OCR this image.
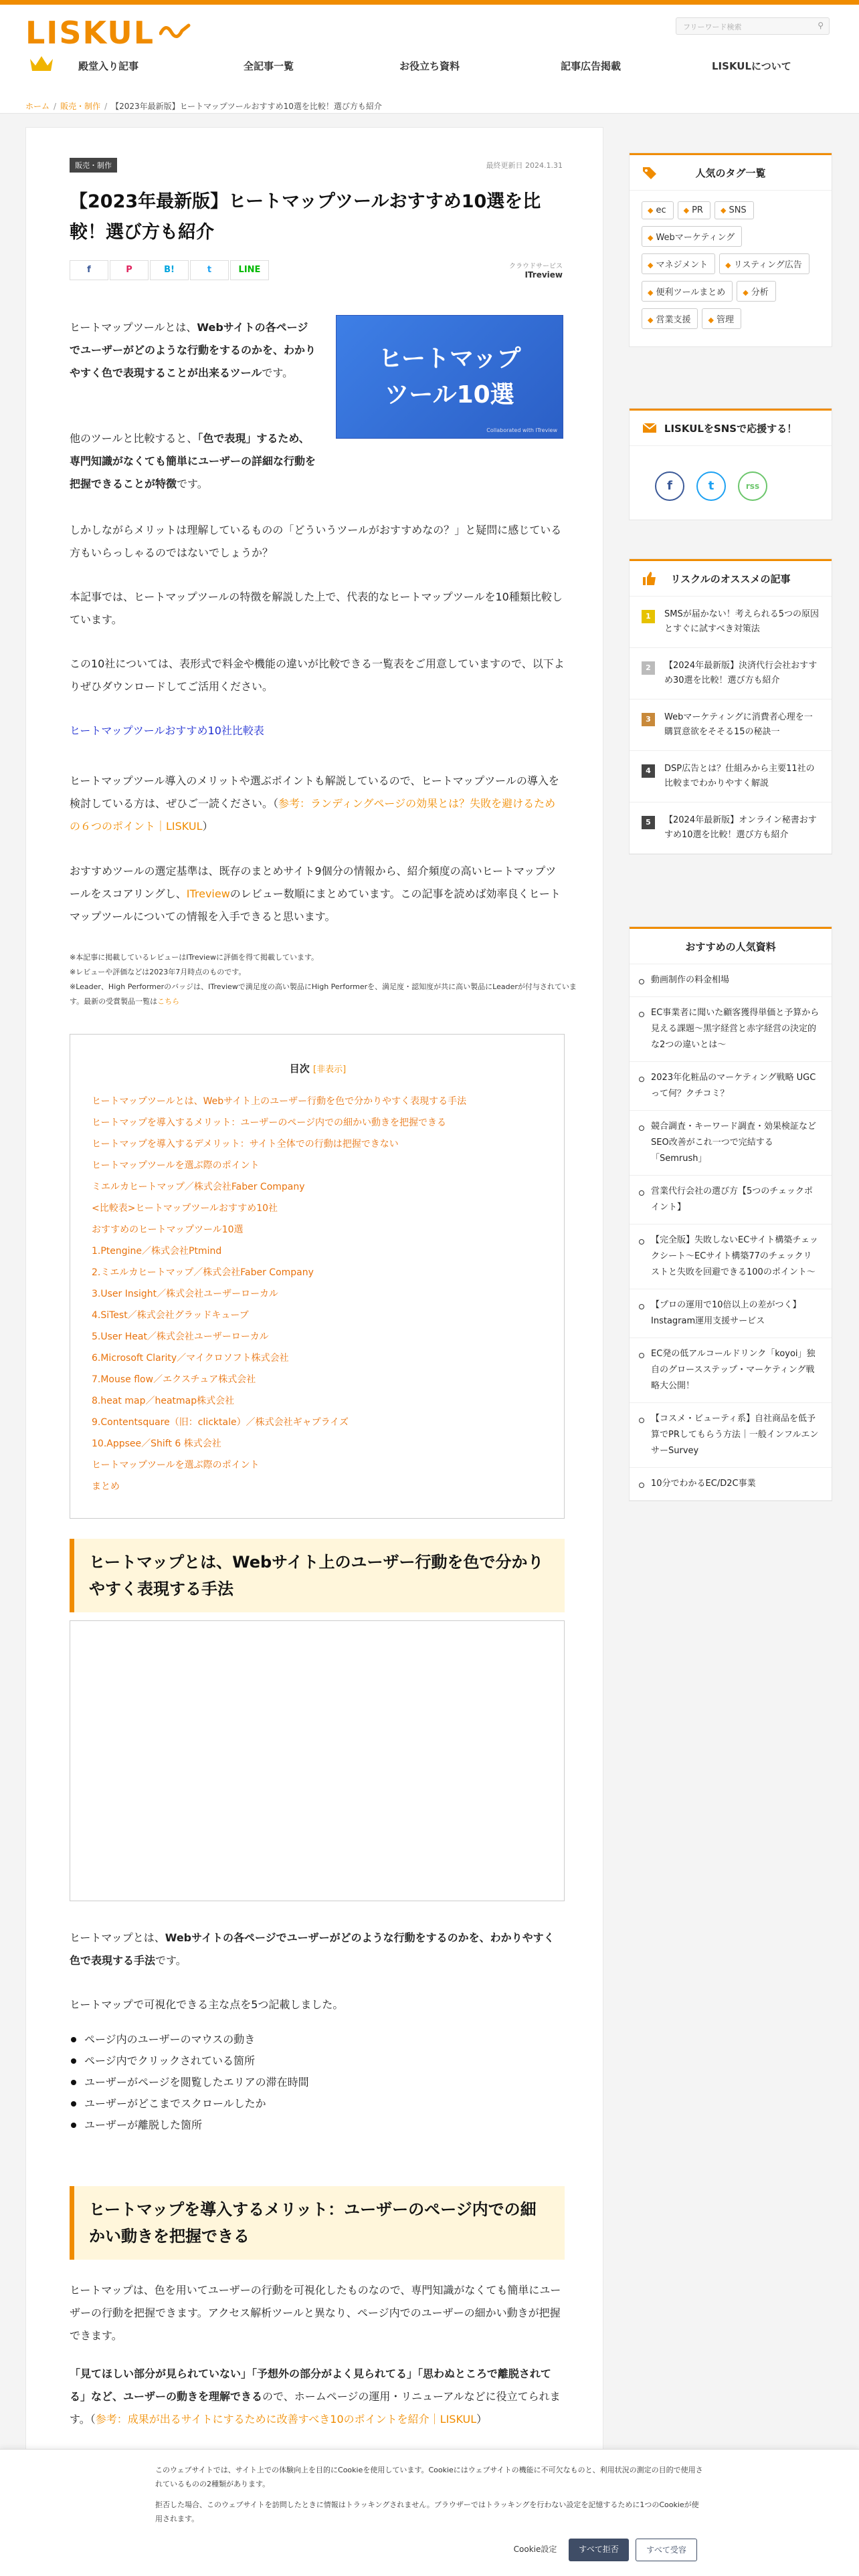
LISKUL	フリーワード検索	⚲
殿堂入り記事	全記事一覧	お役立ち資料	記事広告掲載	LISKULについて
ホーム / 販売・制作 / 【2023年最新版】ヒートマップツールおすすめ10選を比較！選び方も紹介
販売・制作	最終更新日 2024.1.31
【2023年最新版】ヒートマップツールおすすめ10選を比較！選び方も紹介
f	P	B!	t	LINE	クラウドサービス
ITreview
ヒートマップツールとは、Webサイトの各ページでユーザーがどのような行動をするのかを、わかりやすく色で表現することが出来るツールです。
ヒートマップ
ツール10選
Collaborated with ITreview
他のツールと比較すると、「色で表現」するため、専門知識がなくても簡単にユーザーの詳細な行動を把握できることが特徴です。
しかしながらメリットは理解しているものの「どういうツールがおすすめなの？」と疑問に感じている方もいらっしゃるのではないでしょうか？
本記事では、ヒートマップツールの特徴を解説した上で、代表的なヒートマップツールを10種類比較しています。
この10社については、表形式で料金や機能の違いが比較できる一覧表をご用意していますので、以下よりぜひダウンロードしてご活用ください。
ヒートマップツールおすすめ10社比較表
ヒートマップツール導入のメリットや選ぶポイントも解説しているので、ヒートマップツールの導入を検討している方は、ぜひご一読ください。（参考：ランディングページの効果とは？失敗を避けるための６つのポイント｜LISKUL）
おすすめツールの選定基準は、既存のまとめサイト9個分の情報から、紹介頻度の高いヒートマップツールをスコアリングし、ITreviewのレビュー数順にまとめています。この記事を読めば効率良くヒートマップツールについての情報を入手できると思います。
※本記事に掲載しているレビューはITreviewに評価を得て掲載しています。
※レビューや評価などは2023年7月時点のものです。
※Leader、High Performerのバッジは、ITreviewで満足度の高い製品にHigh Performerを、満足度・認知度が共に高い製品にLeaderが付与されています。最新の受賞製品一覧はこちら
目次 [非表示]
ヒートマップツールとは、Webサイト上のユーザー行動を色で分かりやすく表現する手法
ヒートマップを導入するメリット：ユーザーのページ内での細かい動きを把握できる
ヒートマップを導入するデメリット：サイト全体での行動は把握できない
ヒートマップツールを選ぶ際のポイント
ミエルカヒートマップ／株式会社Faber Company
<比較表>ヒートマップツールおすすめ10社
おすすめのヒートマップツール10選
1.Ptengine／株式会社Ptmind
2.ミエルカヒートマップ／株式会社Faber Company
3.User Insight／株式会社ユーザーローカル
4.SiTest／株式会社グラッドキューブ
5.User Heat／株式会社ユーザーローカル
6.Microsoft Clarity／マイクロソフト株式会社
7.Mouse flow／エクスチュア株式会社
8.heat map／heatmap株式会社
9.Contentsquare（旧：clicktale）／株式会社ギャプライズ
10.Appsee／Shift 6 株式会社
ヒートマップツールを選ぶ際のポイント
まとめ
ヒートマップとは、Webサイト上のユーザー行動を色で分かりやすく表現する手法
ヒートマップとは、Webサイトの各ページでユーザーがどのような行動をするのかを、わかりやすく色で表現する手法です。
ヒートマップで可視化できる主な点を5つ記載しました。
ページ内のユーザーのマウスの動き
ページ内でクリックされている箇所
ユーザーがページを閲覧したエリアの滞在時間
ユーザーがどこまでスクロールしたか
ユーザーが離脱した箇所
ヒートマップを導入するメリット：ユーザーのページ内での細かい動きを把握できる
ヒートマップは、色を用いてユーザーの行動を可視化したものなので、専門知識がなくても簡単にユーザーの行動を把握できます。アクセス解析ツールと異なり、ページ内でのユーザーの細かい動きが把握できます。
「見てほしい部分が見られていない」「予想外の部分がよく見られてる」「思わぬところで離脱されてる」など、ユーザーの動きを理解できるので、ホームページの運用・リニューアルなどに役立てられます。（参考：成果が出るサイトにするために改善すべき10のポイントを紹介｜LISKUL）
人気のタグ一覧
◆ ec ◆ PR ◆ SNS◆ Webマーケティング◆ マネジメント ◆ リスティング広告◆ 便利ツールまとめ ◆ 分析◆ 営業支援 ◆ 管理
LISKULをSNSで応援する！
f	t	rss
リスクルのオススメの記事
1	SMSが届かない！考えられる5つの原因とすぐに試すべき対策法
2	【2024年最新版】決済代行会社おすすめ30選を比較！選び方も紹介
3	Webマーケティングに消費者心理を一購買意欲をそそる15の秘訣一
4	DSP広告とは？仕組みから主要11社の比較までわかりやすく解説
5	【2024年最新版】オンライン秘書おすすめ10選を比較！選び方も紹介
おすすめの人気資料
動画制作の料金相場
EC事業者に聞いた顧客獲得単価と予算から見える課題〜黒字経営と赤字経営の決定的な2つの違いとは〜
2023年化粧品のマーケティング戦略 UGCって何？クチコミ？
競合調査・キーワード調査・効果検証などSEO改善がこれ一つで完結する「Semrush」
営業代行会社の選び方【5つのチェックポイント】
【完全版】失敗しないECサイト構築チェックシート〜ECサイト構築77のチェックリストと失敗を回避できる100のポイント〜
【プロの運用で10倍以上の差がつく】Instagram運用支援サービス
EC発の低アルコールドリンク「koyoi」独自のグロースステップ・マーケティング戦略大公開！
【コスメ・ビューティ系】自社商品を低予算でPRしてもらう方法｜一般インフルエンサーSurvey
10分でわかるEC/D2C事業
このウェブサイトでは、サイト上での体験向上を目的にCookieを使用しています。Cookieにはウェブサイトの機能に不可欠なものと、利用状況の測定の目的で使用されているものの2種類があります。
拒否した場合、このウェブサイトを訪問したときに情報はトラッキングされません。ブラウザーではトラッキングを行わない設定を記憶するために1つのCookieが使用されます。
Cookie設定	すべて拒否	すべて受容
